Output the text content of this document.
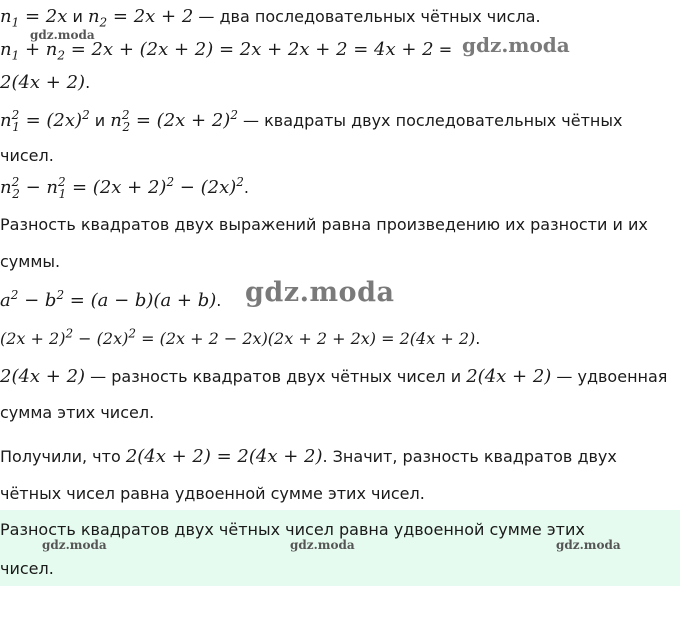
$n_1 = 2x$ и $n_2 = 2x + 2$ — два последовательных чётных числа.
$n_1 + n_2 = 2x + (2x + 2) = 2x + 2x + 2 = 4x + 2$ =
2(4x + 2).
$n^2_1 = (2x)^2$ и $n^2_2 = (2x + 2)^2$ — квадраты двух последовательных чётных
чисел.
$n^2_2 - n^2_1 = (2x + 2)^2 - (2x)^2$.
Разность квадратов двух выражений равна произведению их разности и их
суммы.
$a^2 - b^2 = (a - b)(a + b)$.
$(2x + 2)^2 - (2x)^2 = (2x + 2 - 2x)(2x + 2 + 2x) = 2(4x + 2)$.
2(4x + 2) — разность квадратов двух чётных чисел и 2(4x + 2) — удвоенная
сумма этих чисел.
Получили, что 2(4x + 2) = 2(4x + 2). Значит, разность квадратов двух
чётных чисел равна удвоенной сумме этих чисел.
Разность квадратов двух чётных чисел равна удвоенной сумме этих
чисел.
gdz.moda	gdz.moda
gdz.moda
gdz.moda	gdz.moda	gdz.moda
